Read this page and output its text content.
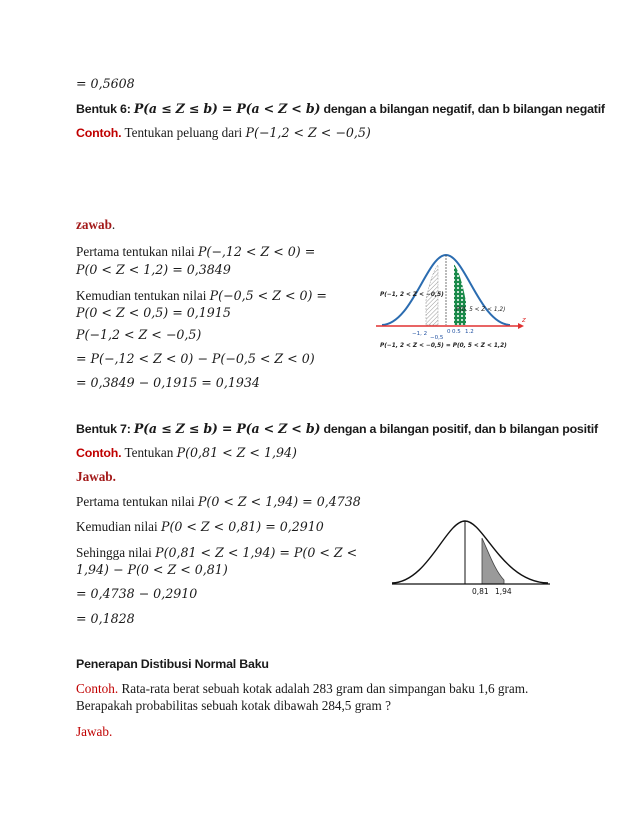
= 0,5608
Bentuk 6: P(a ≤ Z ≤ b) = P(a < Z < b) dengan a bilangan negatif, dan b bilangan negatif
Contoh. Tentukan peluang dari P(−1,2 < Z < −0,5)
zawab.
Pertama tentukan nilai P(−,12 < Z < 0) =
P(0 < Z < 1,2) = 0,3849
Kemudian tentukan nilai P(−0,5 < Z < 0) =
P(0 < Z < 0,5) = 0,1915
P(−1,2 < Z < −0,5)
= P(−,12 < Z < 0) − P(−0,5 < Z < 0)
= 0,3849 − 0,1915 = 0,1934
z
P(−1, 2 < Z < −0,5)
P(0, 5 < Z < 1,2)
−1, 2
−0,5
0 0.5 1.2
P(−1, 2 < Z < −0,5) = P(0, 5 < Z < 1,2)
Bentuk 7: P(a ≤ Z ≤ b) = P(a < Z < b) dengan a bilangan positif, dan b bilangan positif
Contoh. Tentukan P(0,81 < Z < 1,94)
Jawab.
Pertama tentukan nilai P(0 < Z < 1,94) = 0,4738
Kemudian nilai P(0 < Z < 0,81) = 0,2910
Sehingga nilai P(0,81 < Z < 1,94) = P(0 < Z <
1,94) − P(0 < Z < 0,81)
= 0,4738 − 0,2910
= 0,1828
0,81 1,94
Penerapan Distibusi Normal Baku
Contoh. Rata-rata berat sebuah kotak adalah 283 gram dan simpangan baku 1,6 gram.
Berapakah probabilitas sebuah kotak dibawah 284,5 gram ?
Jawab.
